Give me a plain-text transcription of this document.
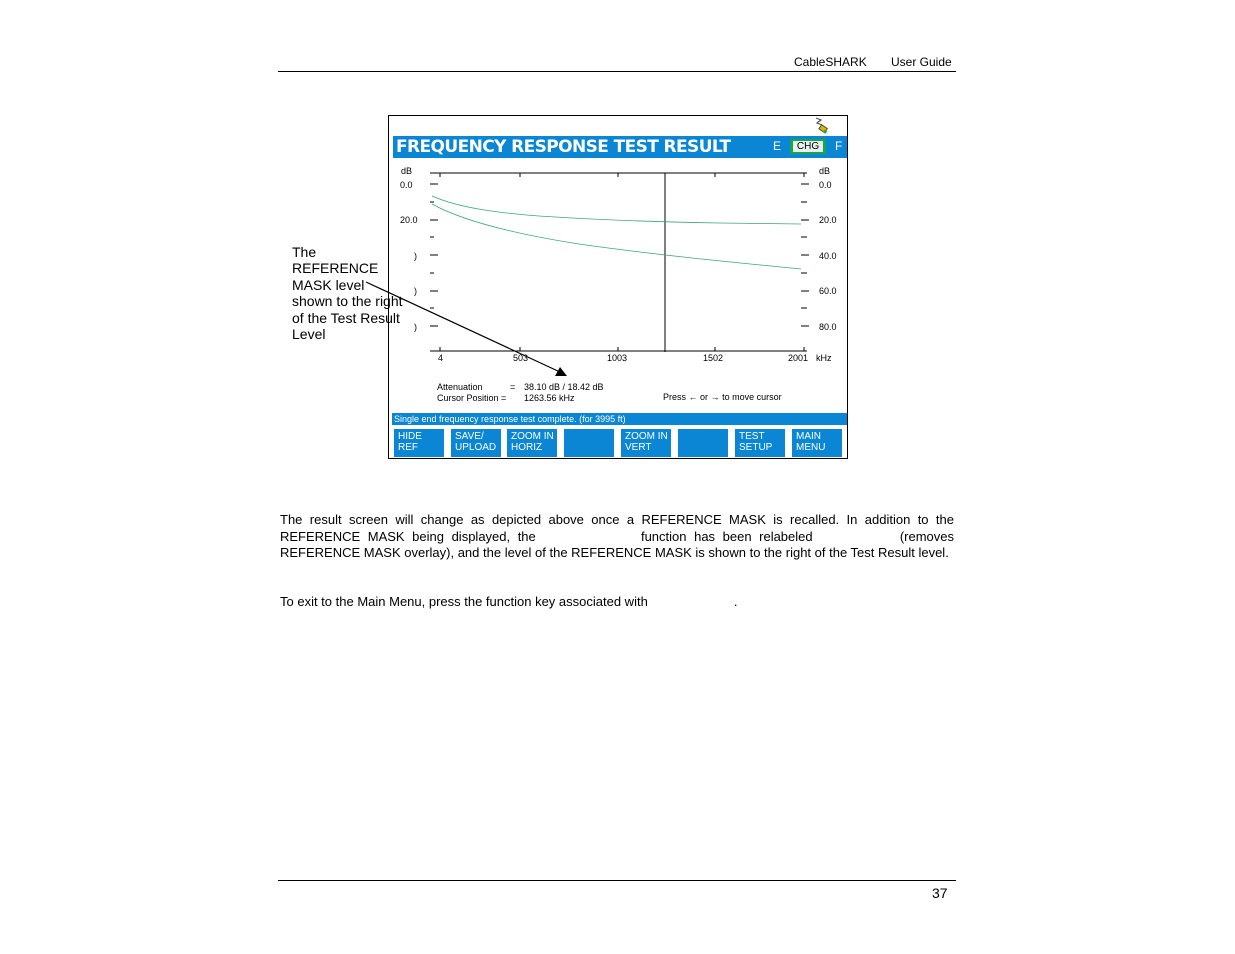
CableSHARK User Guide
FREQUENCY RESPONSE TEST RESULT	E	CHG	F
dB	dB
0.0
20.0
)
)
)
0.0
20.0
40.0
60.0
80.0
4	503	1003	1502	2001 kHz
Attenuation	= 38.10 dB / 18.42 dB
Cursor Position = 1263.56 kHz	Press ← or → to move cursor
Single end frequency response test complete. (for 3995 ft)
HIDE
REF
SAVE/
UPLOAD
ZOOM IN
HORIZ
ZOOM IN
VERT
TEST
SETUP
MAIN
MENU
The
REFERENCE
MASK level
shown to the right
of the Test Result
Level
The result screen will change as depicted above once a REFERENCE MASK is recalled. In addition to the REFERENCE MASK being displayed, the	function has been relabeled	(removes REFERENCE MASK overlay), and the level of the REFERENCE MASK is shown to the right of the Test Result level.
To exit to the Main Menu, press the function key associated with	.
37
